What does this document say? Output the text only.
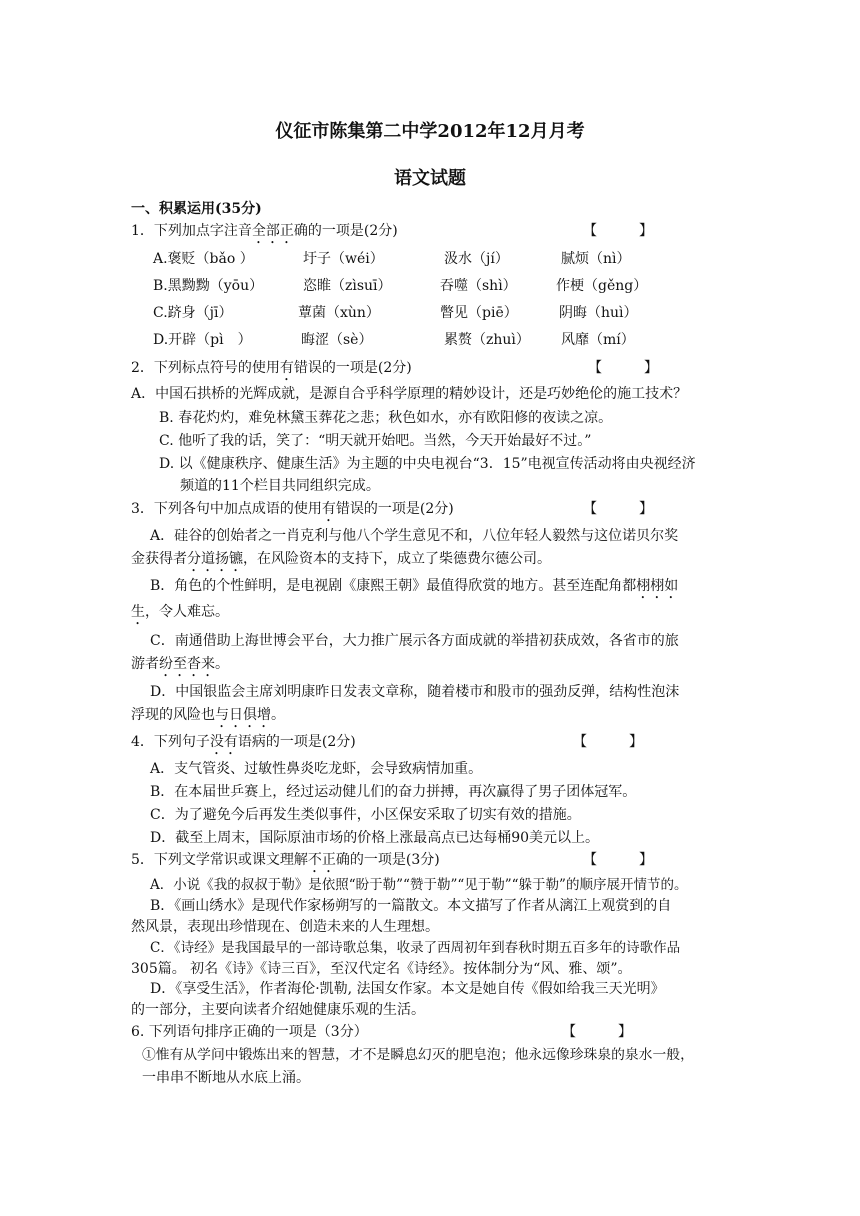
仪征市陈集第二中学2012年12月月考
语文试题
一、积累运用(35分)
1．下列加点字注音全部正确的一项是(2分)	【　　　】
A.褒贬（bǎo ）	圩子（wéi）	汲水（jí）	腻烦（nì）
B.黑黝黝（yōu）	恣睢（zìsuī）	吞噬（shì）	作梗（gěng）
C.跻身（jī）	蕈菌（xùn）	瞥见（piē）	阴晦（huì）
D.开辟（pì　）	晦涩（sè）	累赘（zhuì） 风靡（mí）
2．下列标点符号的使用有错误的一项是(2分)	【　　　】
A．中国石拱桥的光辉成就，是源自合乎科学原理的精妙设计，还是巧妙绝伦的施工技术？
B. 春花灼灼，难免林黛玉葬花之悲；秋色如水，亦有欧阳修的夜读之凉。
C. 他听了我的话，笑了：“明天就开始吧。当然，今天开始最好不过。”
D. 以《健康秩序、健康生活》为主题的中央电视台“3．15”电视宣传活动将由央视经济
频道的11个栏目共同组织完成。
3．下列各句中加点成语的使用有错误的一项是(2分)	【　　　】
A．硅谷的创始者之一肖克利与他八个学生意见不和，八位年轻人毅然与这位诺贝尔奖
金获得者分道扬镳，在风险资本的支持下，成立了柴德费尔德公司。
B．角色的个性鲜明，是电视剧《康熙王朝》最值得欣赏的地方。甚至连配角都栩栩如
生，令人难忘。
C．南通借助上海世博会平台，大力推广展示各方面成就的举措初获成效，各省市的旅
游者纷至沓来。
D．中国银监会主席刘明康昨日发表文章称，随着楼市和股市的强劲反弹，结构性泡沫
浮现的风险也与日俱增。
4．下列句子没有语病的一项是(2分)	【　　　】
A．支气管炎、过敏性鼻炎吃龙虾，会导致病情加重。
B．在本届世乒赛上，经过运动健儿们的奋力拼搏，再次赢得了男子团体冠军。
C．为了避免今后再发生类似事件，小区保安采取了切实有效的措施。
D．截至上周末，国际原油市场的价格上涨最高点已达每桶90美元以上。
5．下列文学常识或课文理解不正确的一项是(3分)	【　　　】
A．小说《我的叔叔于勒》是依照“盼于勒”“赞于勒”“见于勒”“躲于勒”的顺序展开情节的。
B．《画山绣水》是现代作家杨朔写的一篇散文。本文描写了作者从漓江上观赏到的自
然风景，表现出珍惜现在、创造未来的人生理想。
C．《诗经》是我国最早的一部诗歌总集，收录了西周初年到春秋时期五百多年的诗歌作品
305篇。 初名《诗》《诗三百》，至汉代定名《诗经》。按体制分为“风、雅、颂”。
D．《享受生活》，作者海伦·凯勒, 法国女作家。本文是她自传《假如给我三天光明》
的一部分，主要向读者介绍她健康乐观的生活。
6. 下列语句排序正确的一项是（3分）	【　　　】
①惟有从学问中锻炼出来的智慧，才不是瞬息幻灭的肥皂泡；他永远像珍珠泉的泉水一般，
一串串不断地从水底上涌。
